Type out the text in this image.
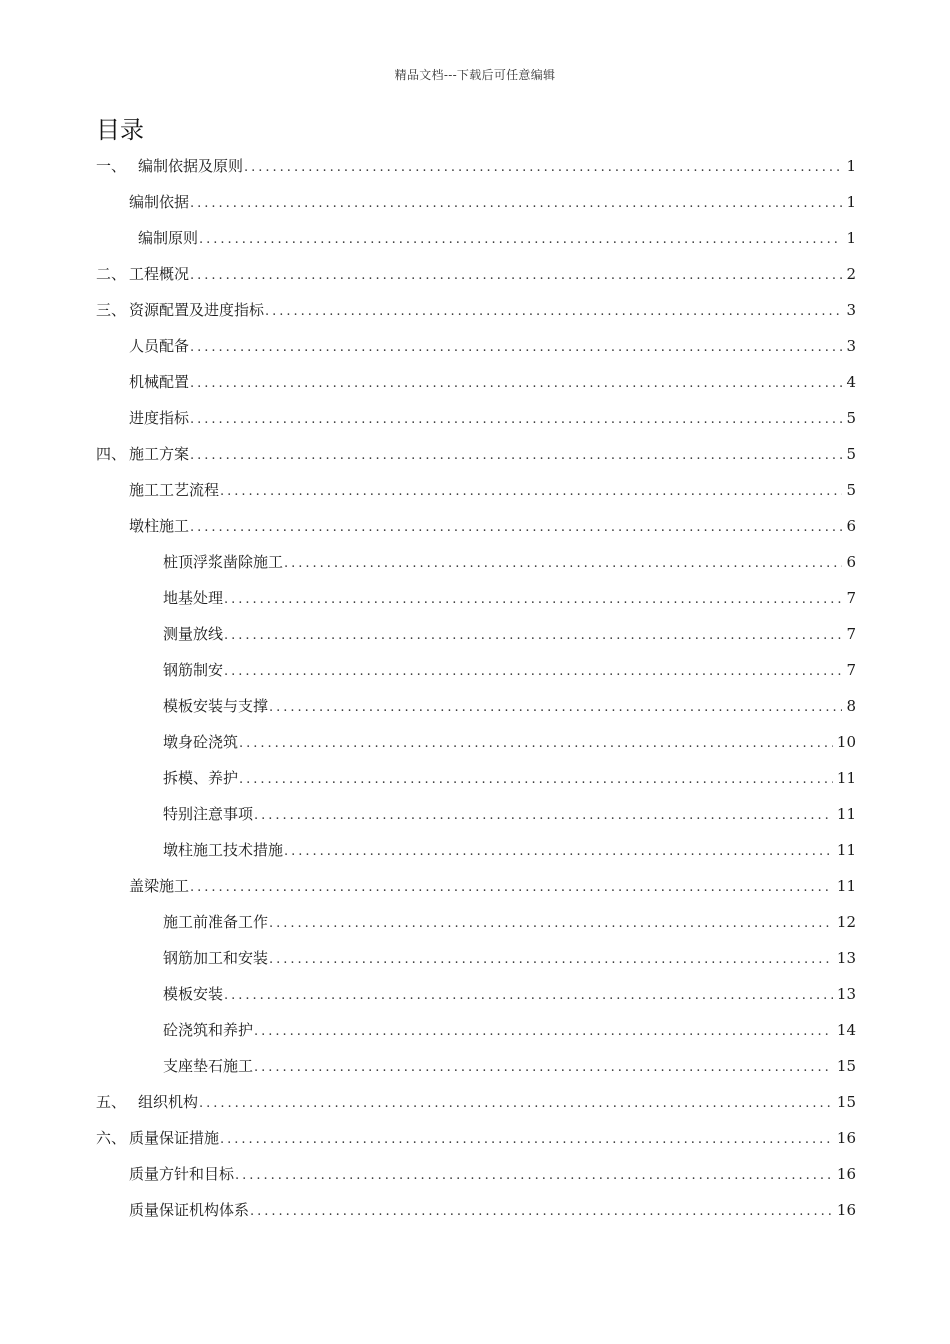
精品文档---下载后可任意编辑
目录
一、 编制依据及原则 .....	1
编制依据 .....	1
编制原则 .....	1
二、 工程概况 .....	2
三、 资源配置及进度指标 .....	3
人员配备 .....	3
机械配置 .....	4
进度指标 .....	5
四、 施工方案 .....	5
施工工艺流程 .....	5
墩柱施工 .....	6
桩顶浮浆凿除施工 .....	6
地基处理 .....	7
测量放线 .....	7
钢筋制安 .....	7
模板安装与支撑 .....	8
墩身砼浇筑 .....	10
拆模、养护 .....	11
特别注意事项 .....	11
墩柱施工技术措施 .....	11
盖梁施工 .....	11
施工前准备工作 .....	12
钢筋加工和安装 .....	13
模板安装 .....	13
砼浇筑和养护 .....	14
支座垫石施工 .....	15
五、 组织机构 .....	15
六、 质量保证措施 .....	16
质量方针和目标 .....	16
质量保证机构体系 .....	16
